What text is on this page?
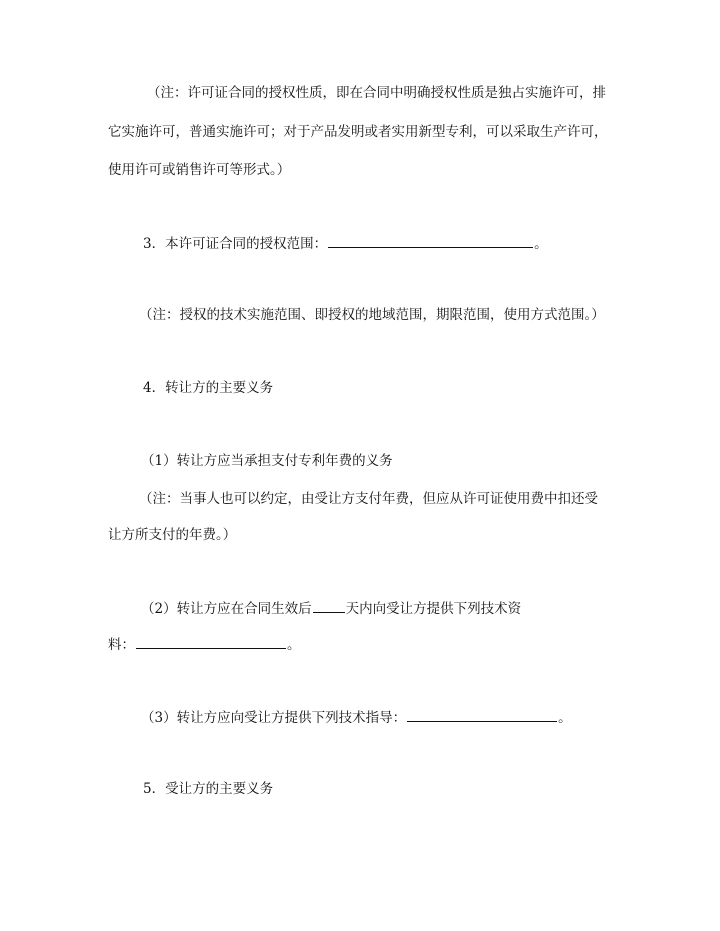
（注：许可证合同的授权性质，即在合同中明确授权性质是独占实施许可，排
它实施许可，普通实施许可；对于产品发明或者实用新型专利，可以采取生产许可，
使用许可或销售许可等形式。）
3．本许可证合同的授权范围：	。
（注：授权的技术实施范围、即授权的地域范围，期限范围，使用方式范围。）
4．转让方的主要义务
（1）转让方应当承担支付专利年费的义务
（注：当事人也可以约定，由受让方支付年费，但应从许可证使用费中扣还受
让方所支付的年费。）
（2）转让方应在合同生效后	天内向受让方提供下列技术资
料：	。
（3）转让方应向受让方提供下列技术指导：	。
5．受让方的主要义务
